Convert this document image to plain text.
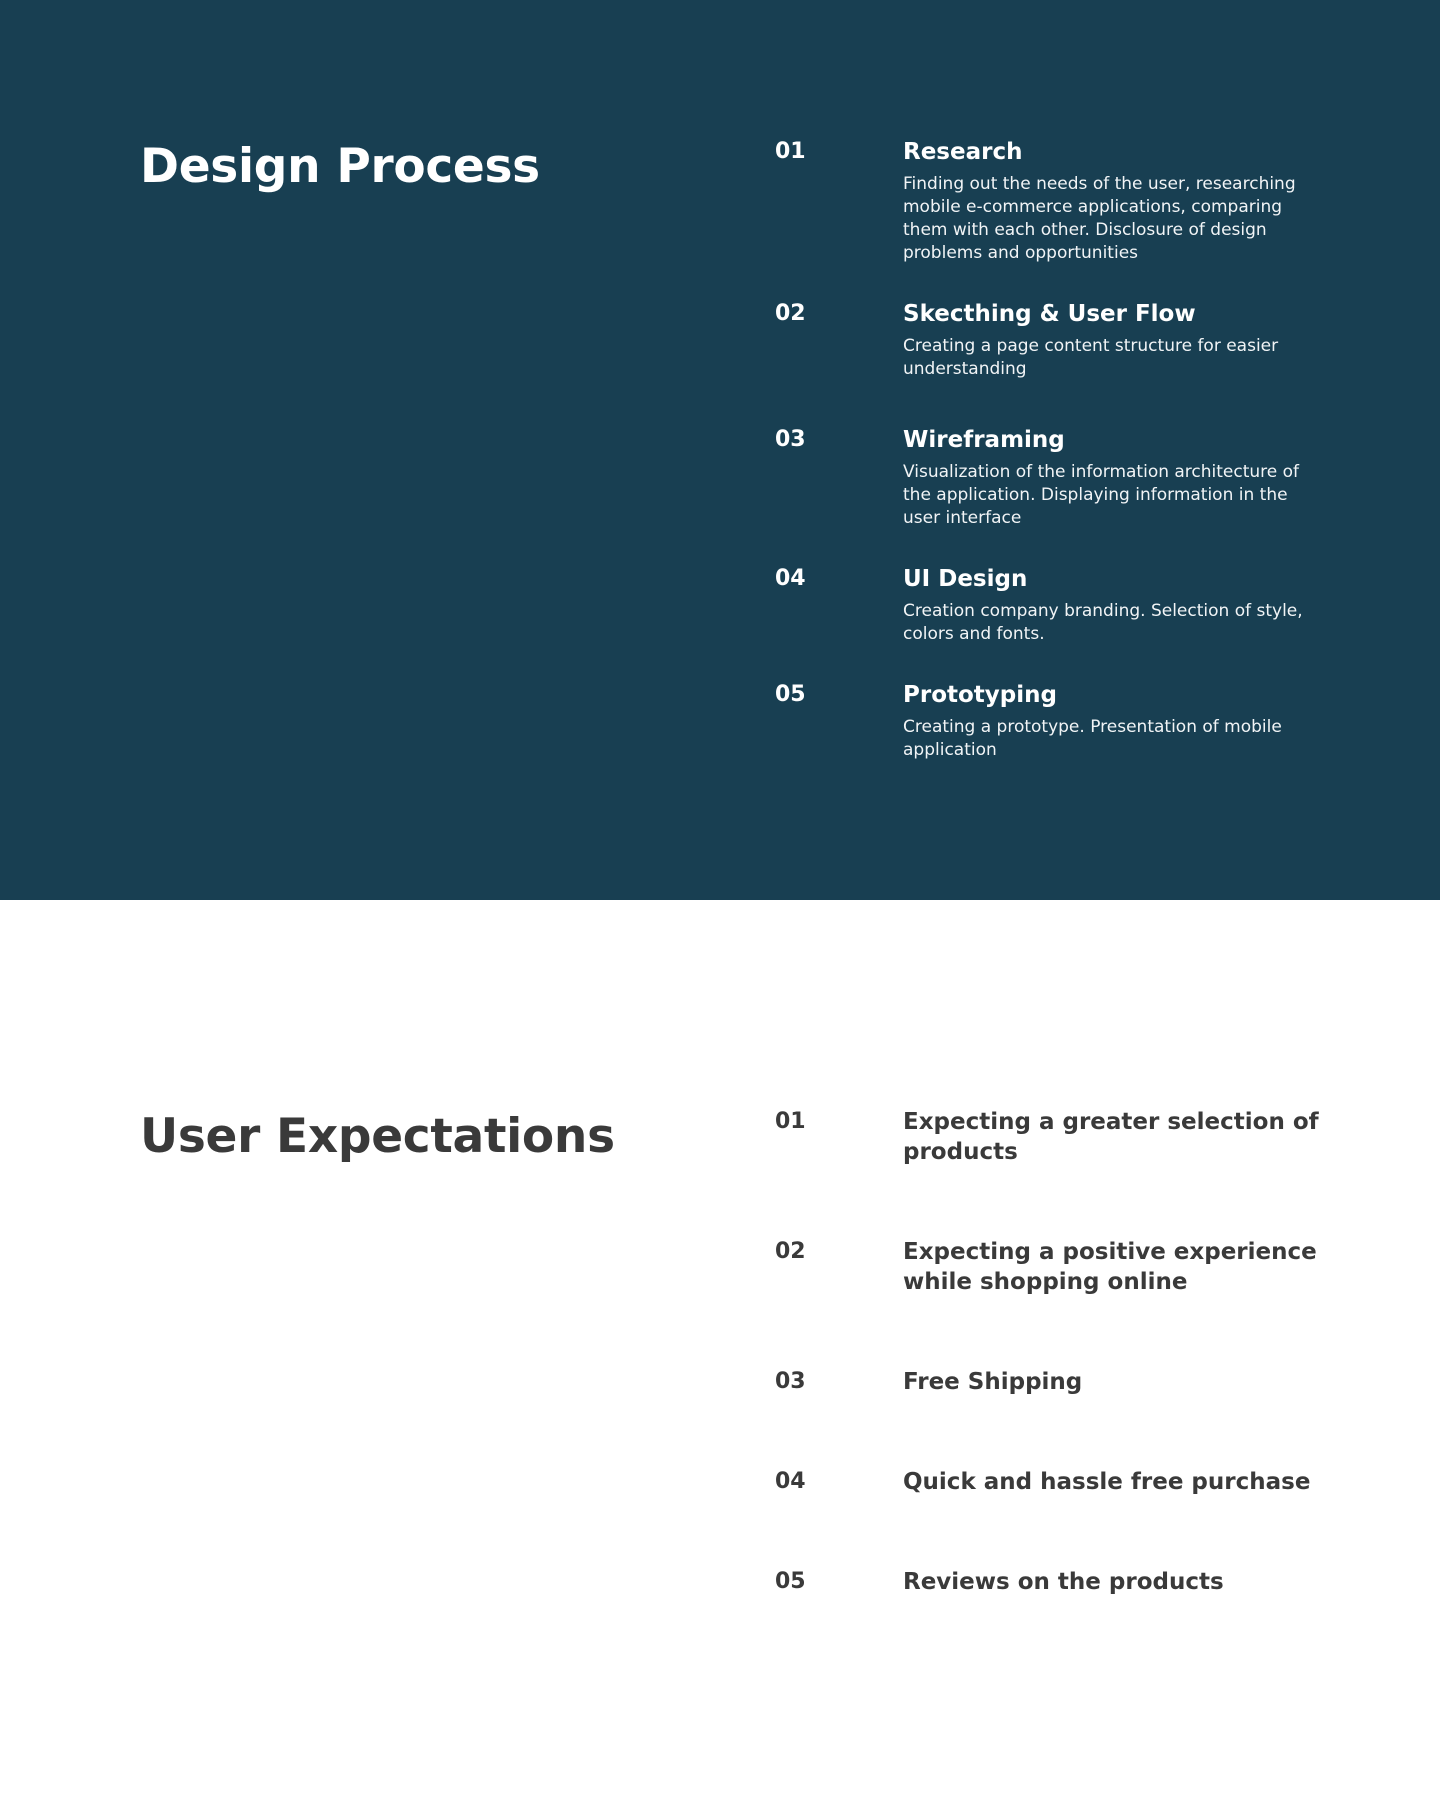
Design Process	01	Research

Finding out the needs of the user, researching mobile e-commerce applications, comparing them with each other. Disclosure of design problems and opportunities

02	Skecthing & User Flow

Creating a page content structure for easier understanding

03	Wireframing

Visualization of the information architecture of the application. Displaying information in the user interface

04	UI Design

Creation company branding. Selection of style, colors and fonts.

05	Prototyping

Creating a prototype. Presentation of mobile application

User Expectations	01	Expecting a greater selection of products
02	Expecting a positive experience while shopping online
03	Free Shipping
04	Quick and hassle free purchase
05	Reviews on the products
